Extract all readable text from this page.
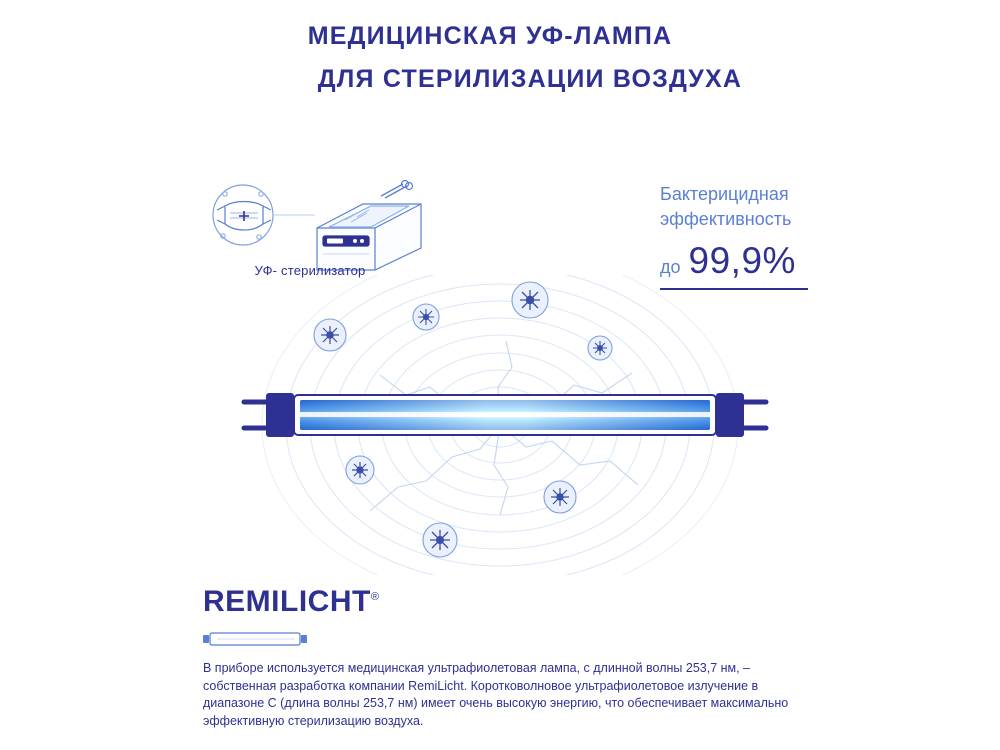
МЕДИЦИНСКАЯ УФ-ЛАМПА
ДЛЯ СТЕРИЛИЗАЦИИ ВОЗДУХА
УФ- стерилизатор
Бактерицидная
эффективность
до 99,9%
REMILICHT®

В приборе используется медицинская ультрафиолетовая лампа, с длинной волны 253,7 нм, – собственная разработка компании RemiLicht. Коротковолновое ультрафиолетовое излучение в диапазоне С (длина волны 253,7 нм) имеет очень высокую энергию, что обеспечивает максимально эффективную стерилизацию воздуха.
